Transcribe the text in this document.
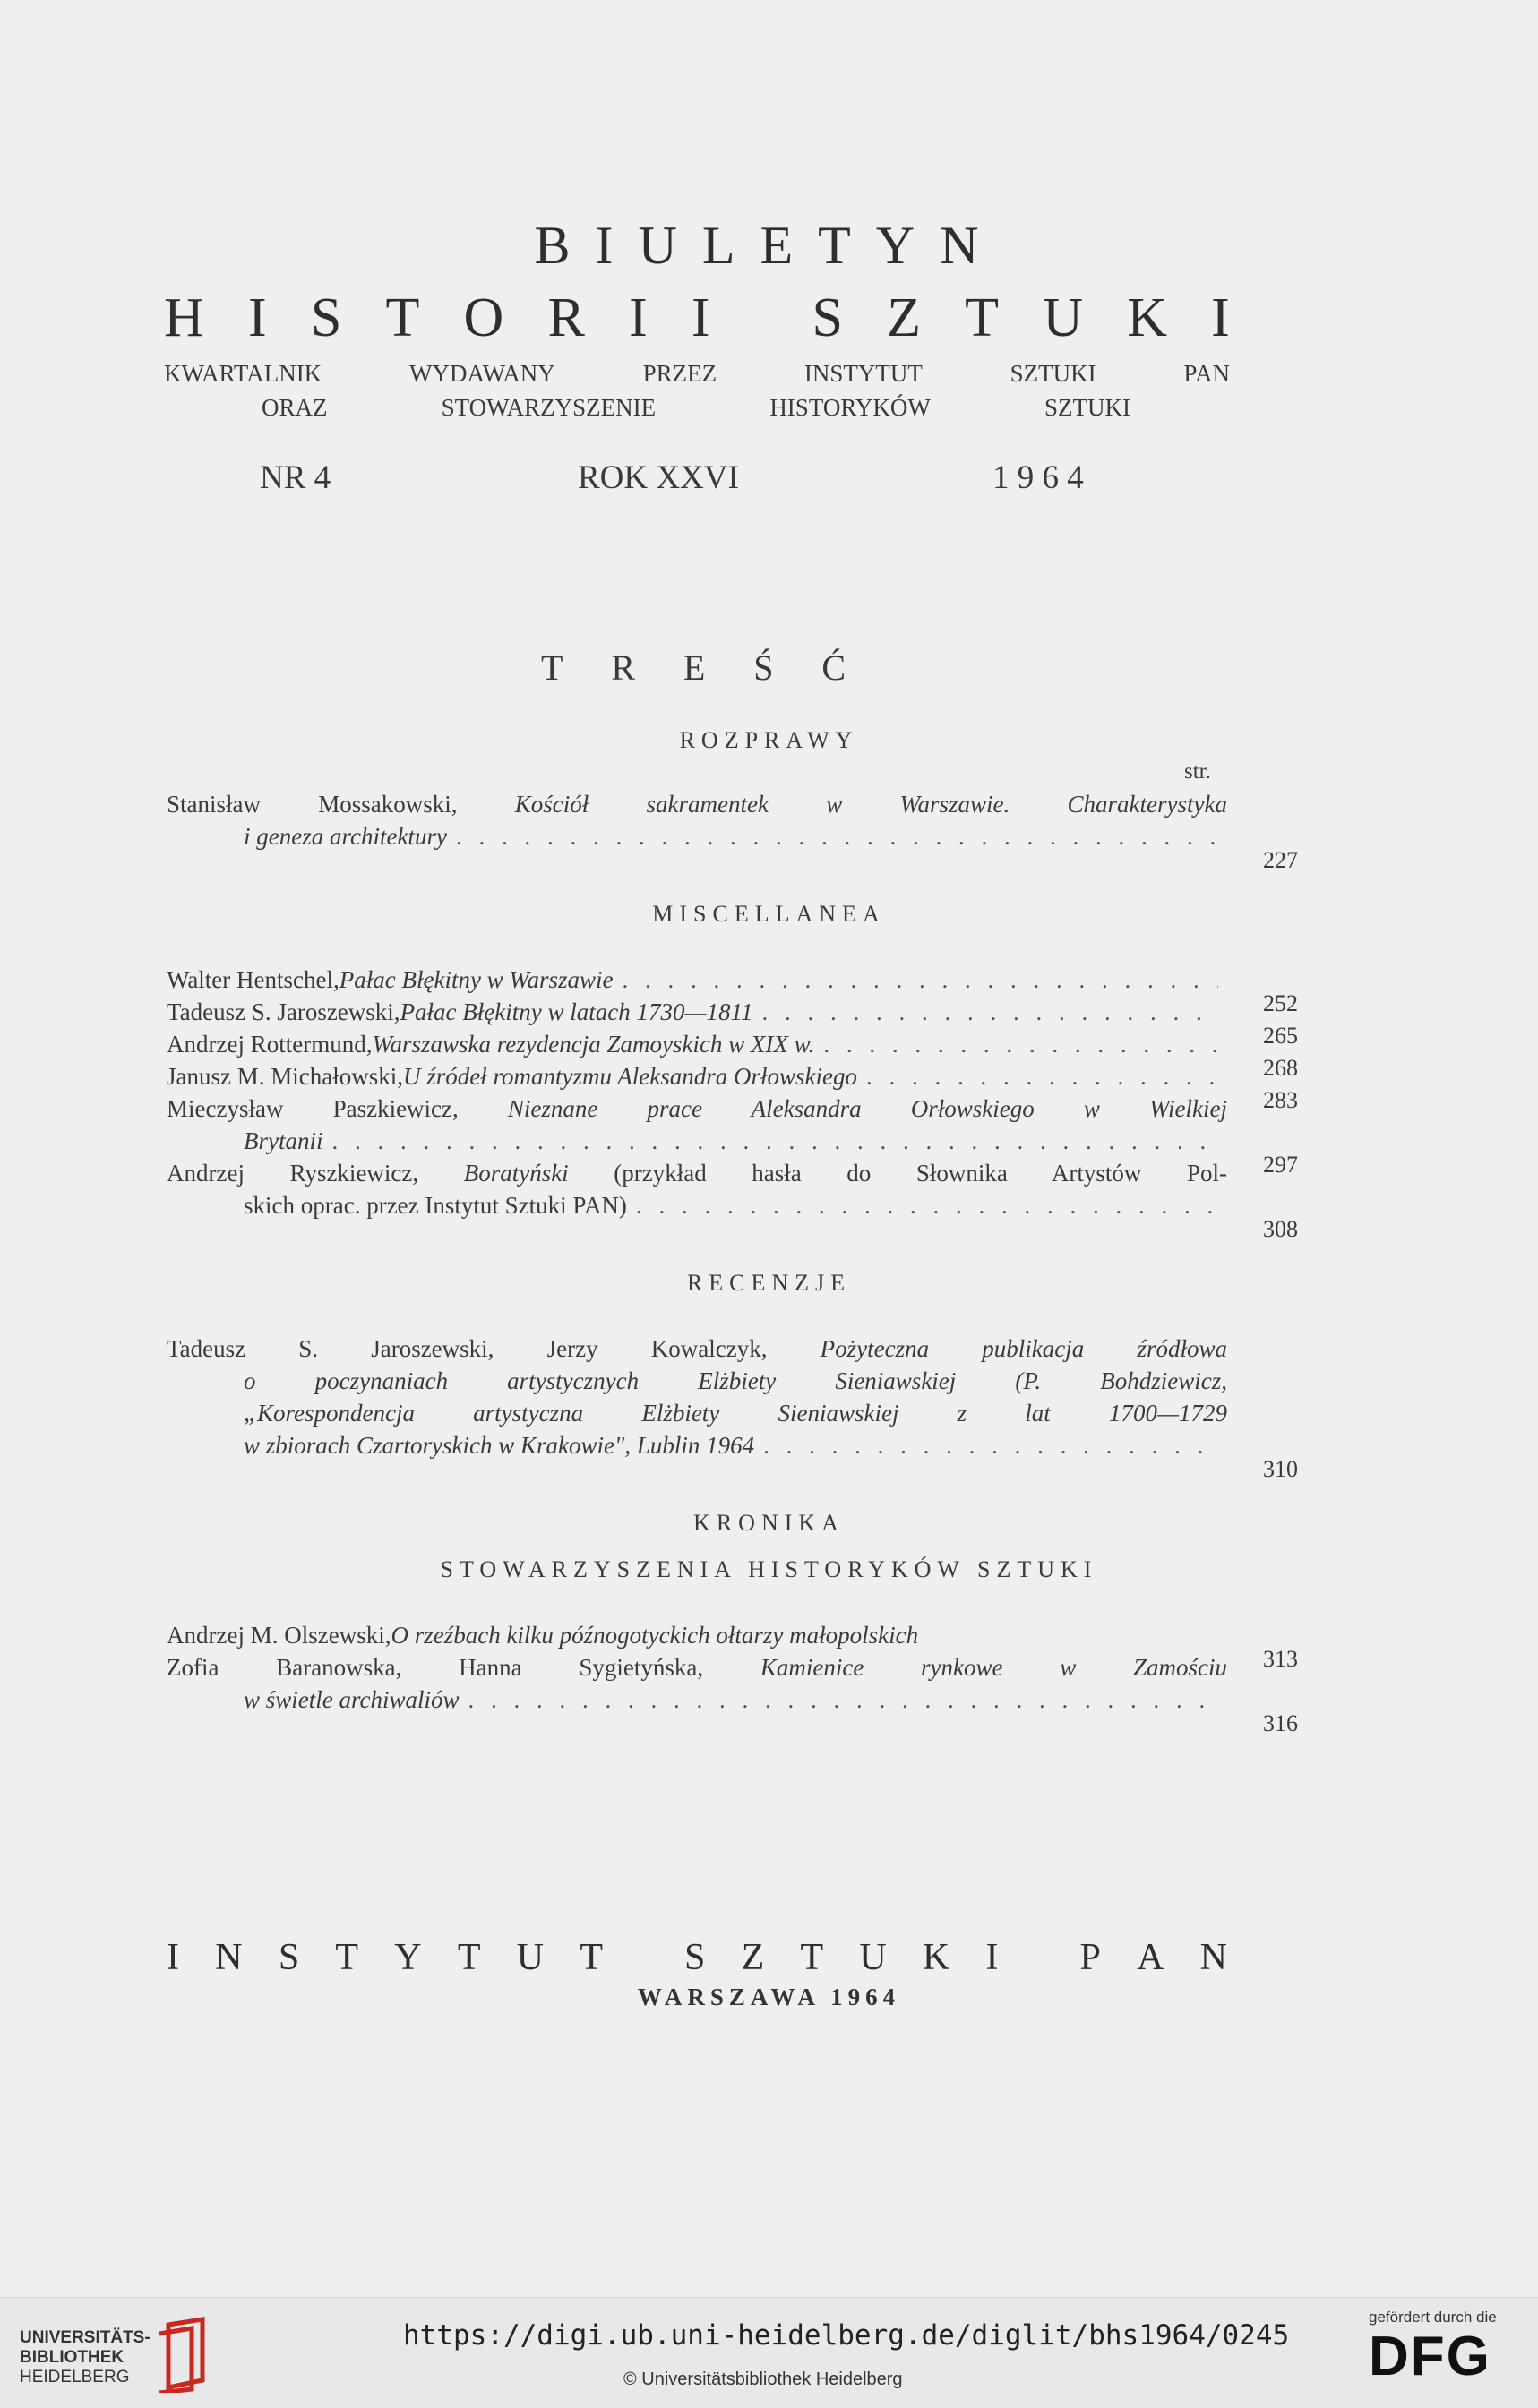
BIULETYN
H I S T O R I I
S Z T U K I
KWARTALNIK	WYDAWANY	PRZEZ	INSTYTUT	SZTUKI	PAN
ORAZ	STOWARZYSZENIE	HISTORYKÓW	SZTUKI
NR 4	ROK XXVI	1 9 6 4
T R E Ś Ć
ROZPRAWY
str.
Stanisław Mossakowski, Kościół sakramentek w Warszawie. Charakterystyka
i geneza architektury
. . .
227
MISCELLANEA
Walter Hentschel, Pałac Błękitny w Warszawie
. . .
252
Tadeusz S. Jaroszewski, Pałac Błękitny w latach 1730—1811
. . .
265
Andrzej Rottermund, Warszawska rezydencja Zamoyskich w XIX w.
. . .
268
Janusz M. Michałowski, U źródeł romantyzmu Aleksandra Orłowskiego
. . .
283
Mieczysław Paszkiewicz, Nieznane prace Aleksandra Orłowskiego w Wielkiej
Brytanii
. . .
297
Andrzej Ryszkiewicz, Boratyński (przykład hasła do Słownika Artystów Pol-
skich oprac. przez Instytut Sztuki PAN)
. . .
308
RECENZJE
Tadeusz S. Jaroszewski, Jerzy Kowalczyk, Pożyteczna publikacja źródłowa
o poczynaniach artystycznych Elżbiety Sieniawskiej (P. Bohdziewicz,
„Korespondencja artystyczna Elżbiety Sieniawskiej z lat 1700—1729
w zbiorach Czartoryskich w Krakowie", Lublin 1964
. . .
310
KRONIKA
STOWARZYSZENIA HISTORYKÓW SZTUKI
Andrzej M. Olszewski, O rzeźbach kilku późnogotyckich ołtarzy małopolskich
313
Zofia Baranowska, Hanna Sygietyńska, Kamienice rynkowe w Zamościu
w świetle archiwaliów
. . .
316
I N S T Y T U T
S Z T U K I
P A N
WARSZAWA 1964
UNIVERSITÄTS-
BIBLIOTHEK
HEIDELBERG	© Universitätsbibliothek Heidelberg
gefördert durch die
DFG
https://digi.ub.uni-heidelberg.de/diglit/bhs1964/0245
